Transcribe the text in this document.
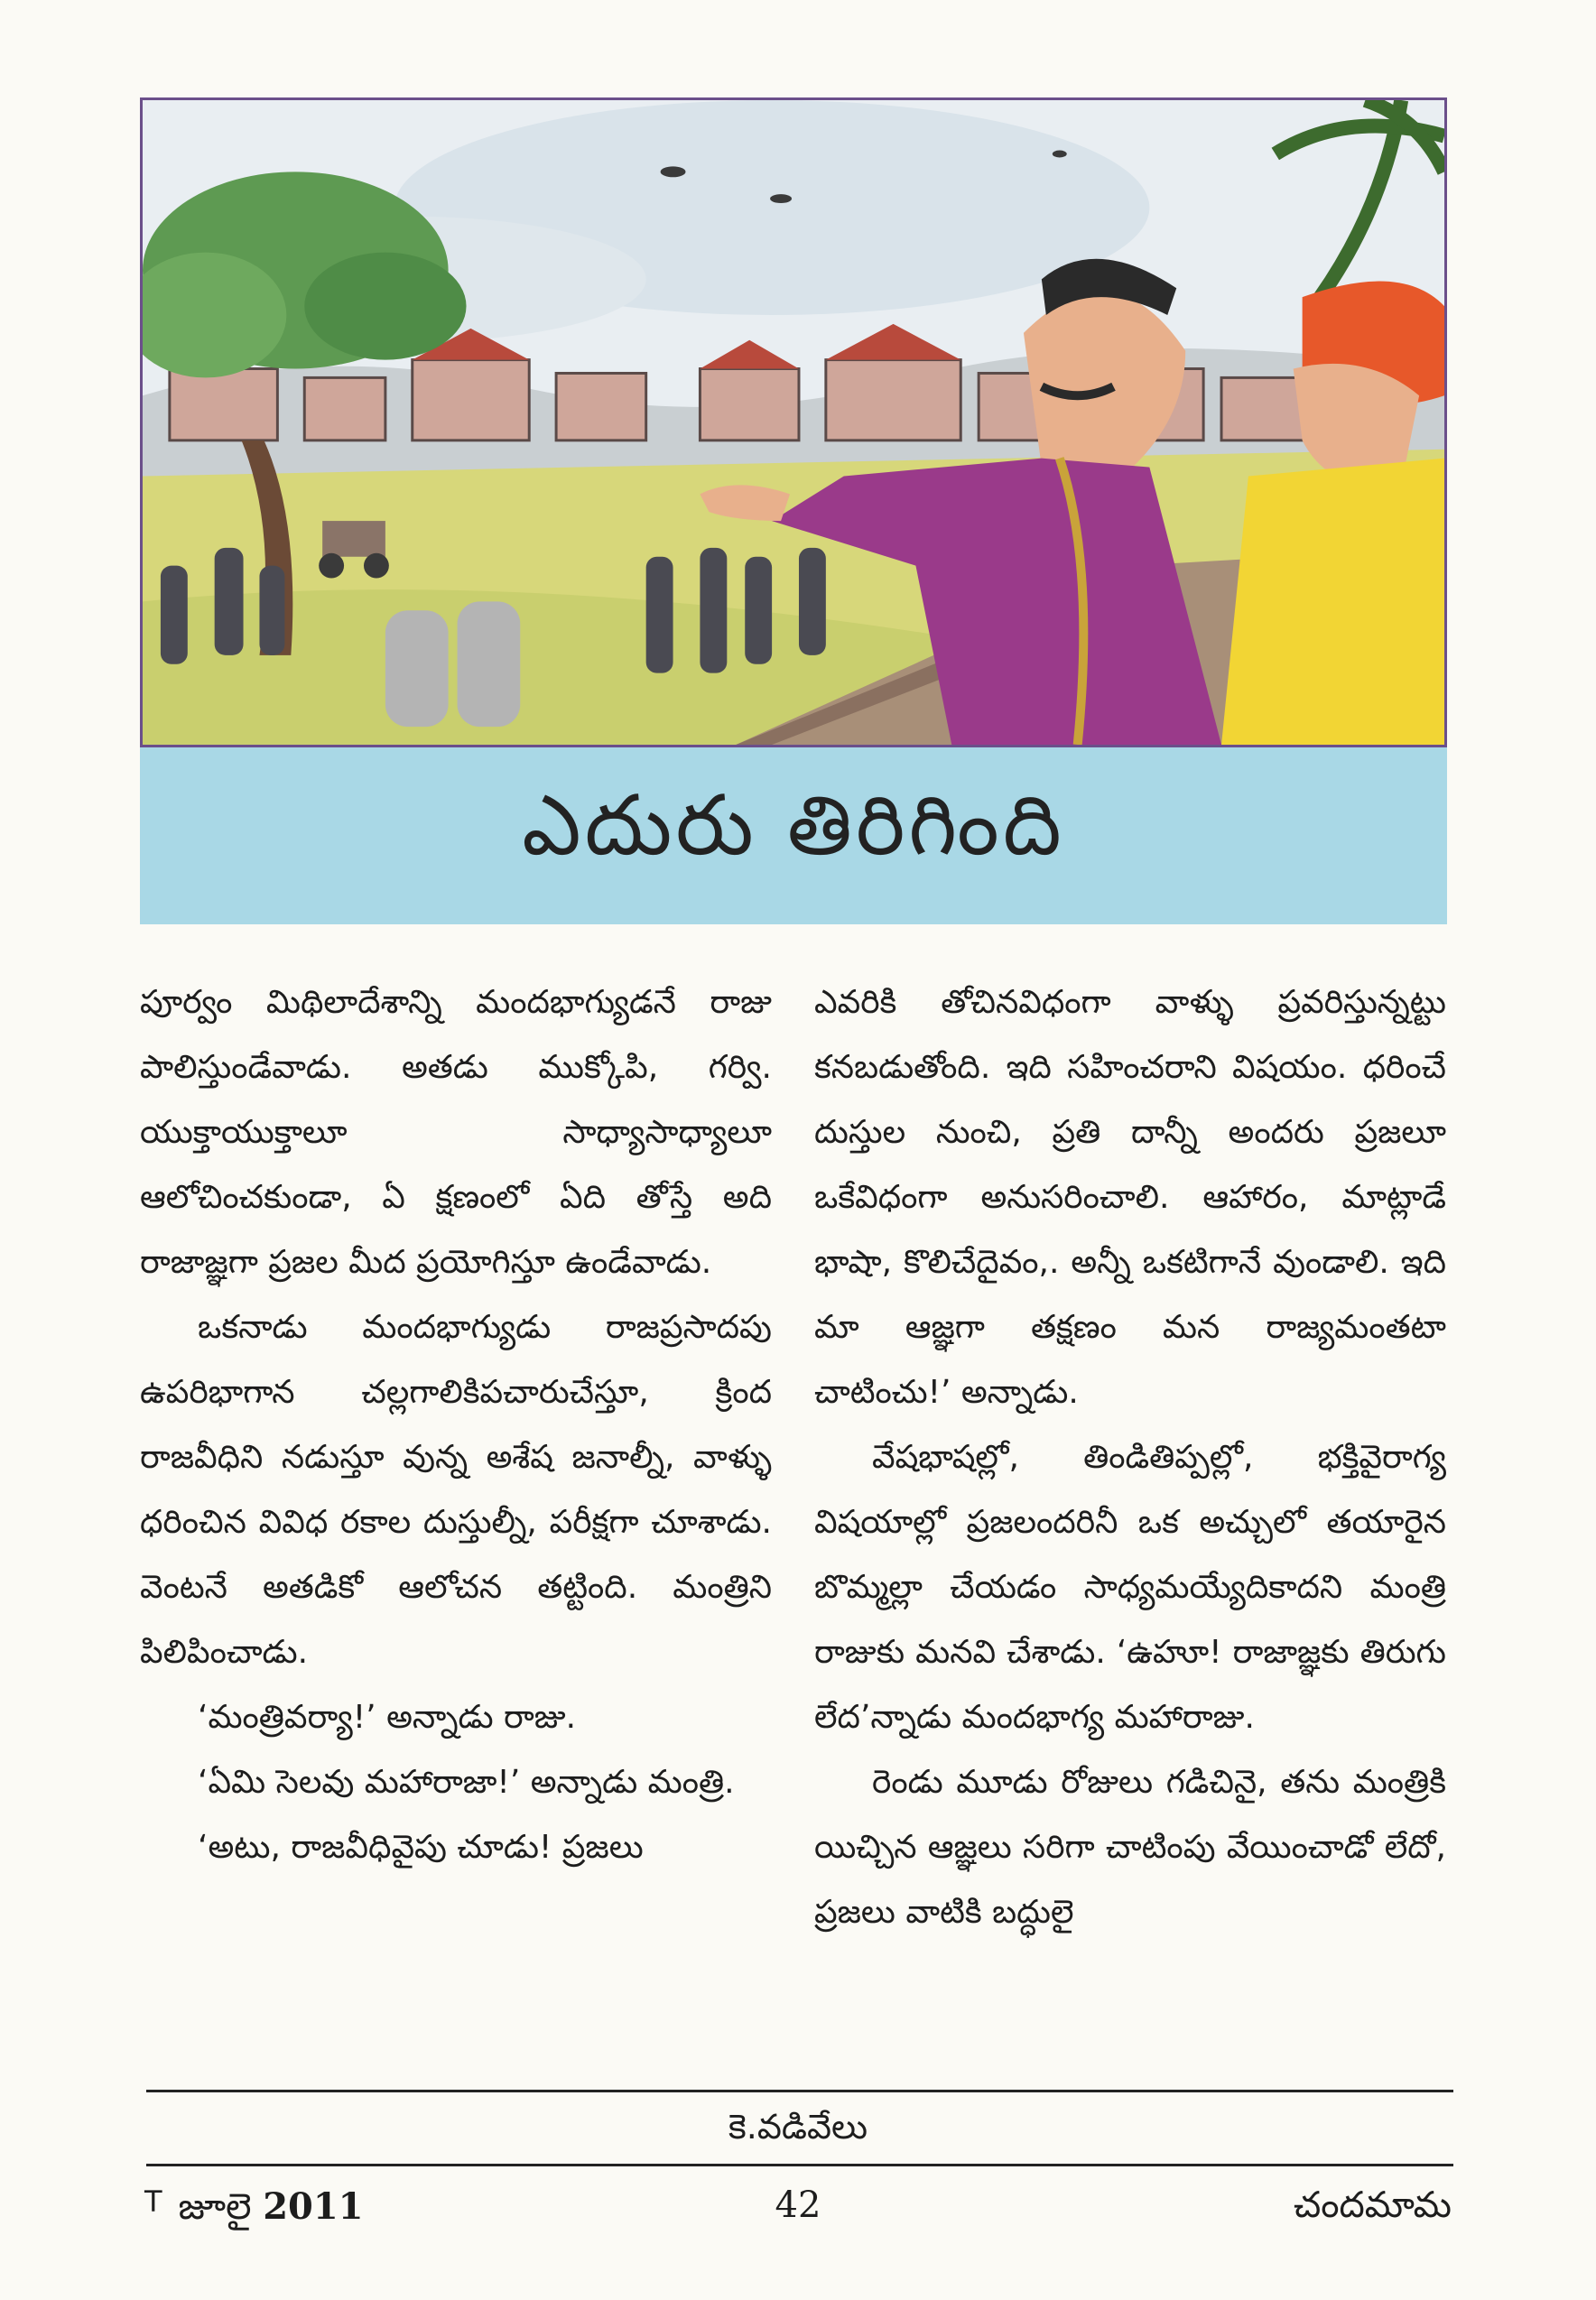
ఎదురు తిరిగింది

పూర్వం మిథిలాదేశాన్ని మందభాగ్యుడనే రాజు పాలిస్తుండేవాడు. అతడు ముక్కోపి, గర్వి. యుక్తాయుక్తాలూ సాధ్యాసాధ్యాలూ ఆలోచించకుండా, ఏ క్షణంలో ఏది తోస్తే అది రాజాజ్ఞగా ప్రజల మీద ప్రయోగిస్తూ ఉండేవాడు.

ఒకనాడు మందభాగ్యుడు రాజప్రసాదపు ఉపరిభాగాన చల్లగాలికిపచారుచేస్తూ, క్రింద రాజవీధిని నడుస్తూ వున్న అశేష జనాల్నీ, వాళ్ళు ధరించిన వివిధ రకాల దుస్తుల్నీ, పరీక్షగా చూశాడు. వెంటనే అతడికో ఆలోచన తట్టింది. మంత్రిని పిలిపించాడు.

‘మంత్రివర్యా!’ అన్నాడు రాజు.

‘ఏమి సెలవు మహారాజా!’ అన్నాడు మంత్రి.

‘అటు, రాజవీధివైపు చూడు! ప్రజలు

ఎవరికి తోచినవిధంగా వాళ్ళు ప్రవరిస్తున్నట్టు కనబడుతోంది. ఇది సహించరాని విషయం. ధరించే దుస్తుల నుంచి, ప్రతి దాన్నీ అందరు ప్రజలూ ఒకేవిధంగా అనుసరించాలి. ఆహారం, మాట్లాడే భాషా, కొలిచేదైవం,. అన్నీ ఒకటిగానే వుండాలి. ఇది మా ఆజ్ఞగా తక్షణం మన రాజ్యమంతటా చాటించు!’ అన్నాడు.

వేషభాషల్లో, తిండితిప్పల్లో, భక్తివైరాగ్య విషయాల్లో ప్రజలందరినీ ఒక అచ్చులో తయారైన బొమ్మల్లా చేయడం సాధ్యమయ్యేదికాదని మంత్రి రాజుకు మనవి చేశాడు. ‘ఉహూ! రాజాజ్ఞకు తిరుగు లేద’న్నాడు మందభాగ్య మహారాజు.

రెండు మూడు రోజులు గడిచినై, తను మంత్రికి యిచ్చిన ఆజ్ఞలు సరిగా చాటింపు వేయించాడో లేదో, ప్రజలు వాటికి బద్ధులై

కె.వడివేలు
$^T$ జూలై 2011	42	చందమామ
